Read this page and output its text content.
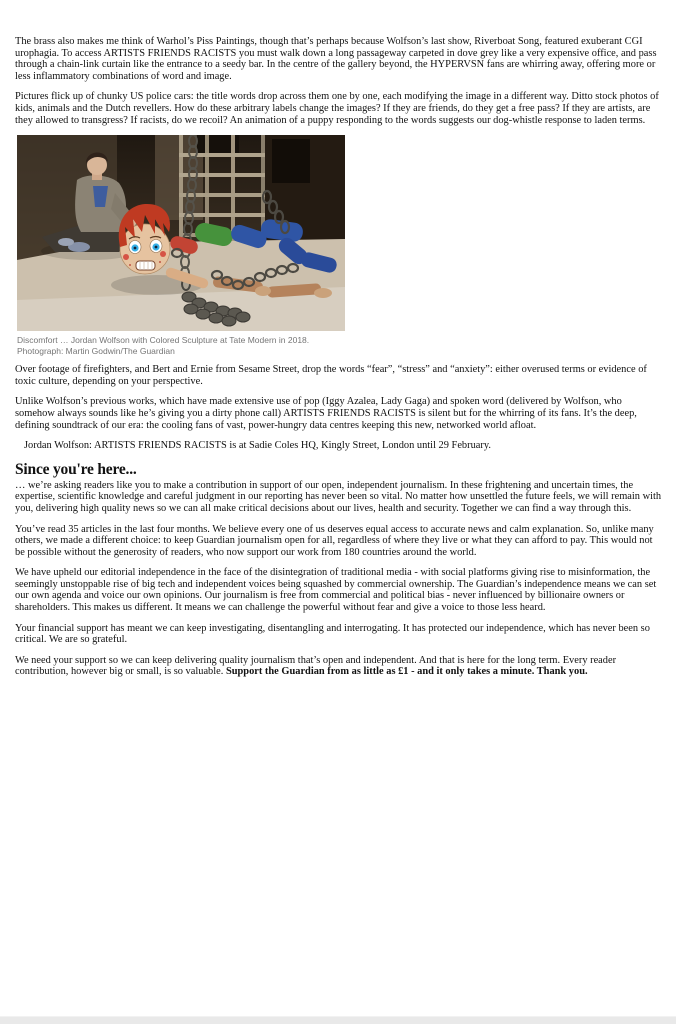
The brass also makes me think of Warhol’s Piss Paintings, though that’s perhaps because Wolfson’s last show, Riverboat Song, featured exuberant CGI urophagia. To access ARTISTS FRIENDS RACISTS you must walk down a long passageway carpeted in dove grey like a very expensive office, and pass through a chain-link curtain like the entrance to a seedy bar. In the centre of the gallery beyond, the HYPERVSN fans are whirring away, offering more or less inflammatory combinations of word and image.

Pictures flick up of chunky US police cars: the title words drop across them one by one, each modifying the image in a different way. Ditto stock photos of kids, animals and the Dutch revellers. How do these arbitrary labels change the images? If they are friends, do they get a free pass? If they are artists, are they allowed to transgress? If racists, do we recoil? An animation of a puppy responding to the words suggests our dog-whistle response to laden terms.

Discomfort … Jordan Wolfson with Colored Sculpture at Tate Modern in 2018. Photograph: Martin Godwin/The Guardian

Over footage of firefighters, and Bert and Ernie from Sesame Street, drop the words “fear”, “stress” and “anxiety”: either overused terms or evidence of toxic culture, depending on your perspective.

Unlike Wolfson’s previous works, which have made extensive use of pop (Iggy Azalea, Lady Gaga) and spoken word (delivered by Wolfson, who somehow always sounds like he’s giving you a dirty phone call) ARTISTS FRIENDS RACISTS is silent but for the whirring of its fans. It’s the deep, defining soundtrack of our era: the cooling fans of vast, power-hungry data centres keeping this new, networked world afloat.

Jordan Wolfson: ARTISTS FRIENDS RACISTS is at Sadie Coles HQ, Kingly Street, London until 29 February.

Since you're here...

… we’re asking readers like you to make a contribution in support of our open, independent journalism. In these frightening and uncertain times, the expertise, scientific knowledge and careful judgment in our reporting has never been so vital. No matter how unsettled the future feels, we will remain with you, delivering high quality news so we can all make critical decisions about our lives, health and security. Together we can find a way through this.

You’ve read 35 articles in the last four months. We believe every one of us deserves equal access to accurate news and calm explanation. So, unlike many others, we made a different choice: to keep Guardian journalism open for all, regardless of where they live or what they can afford to pay. This would not be possible without the generosity of readers, who now support our work from 180 countries around the world.

We have upheld our editorial independence in the face of the disintegration of traditional media - with social platforms giving rise to misinformation, the seemingly unstoppable rise of big tech and independent voices being squashed by commercial ownership. The Guardian’s independence means we can set our own agenda and voice our own opinions. Our journalism is free from commercial and political bias - never influenced by billionaire owners or shareholders. This makes us different. It means we can challenge the powerful without fear and give a voice to those less heard.

Your financial support has meant we can keep investigating, disentangling and interrogating. It has protected our independence, which has never been so critical. We are so grateful.

We need your support so we can keep delivering quality journalism that’s open and independent. And that is here for the long term. Every reader contribution, however big or small, is so valuable. Support the Guardian from as little as £1 - and it only takes a minute. Thank you.
